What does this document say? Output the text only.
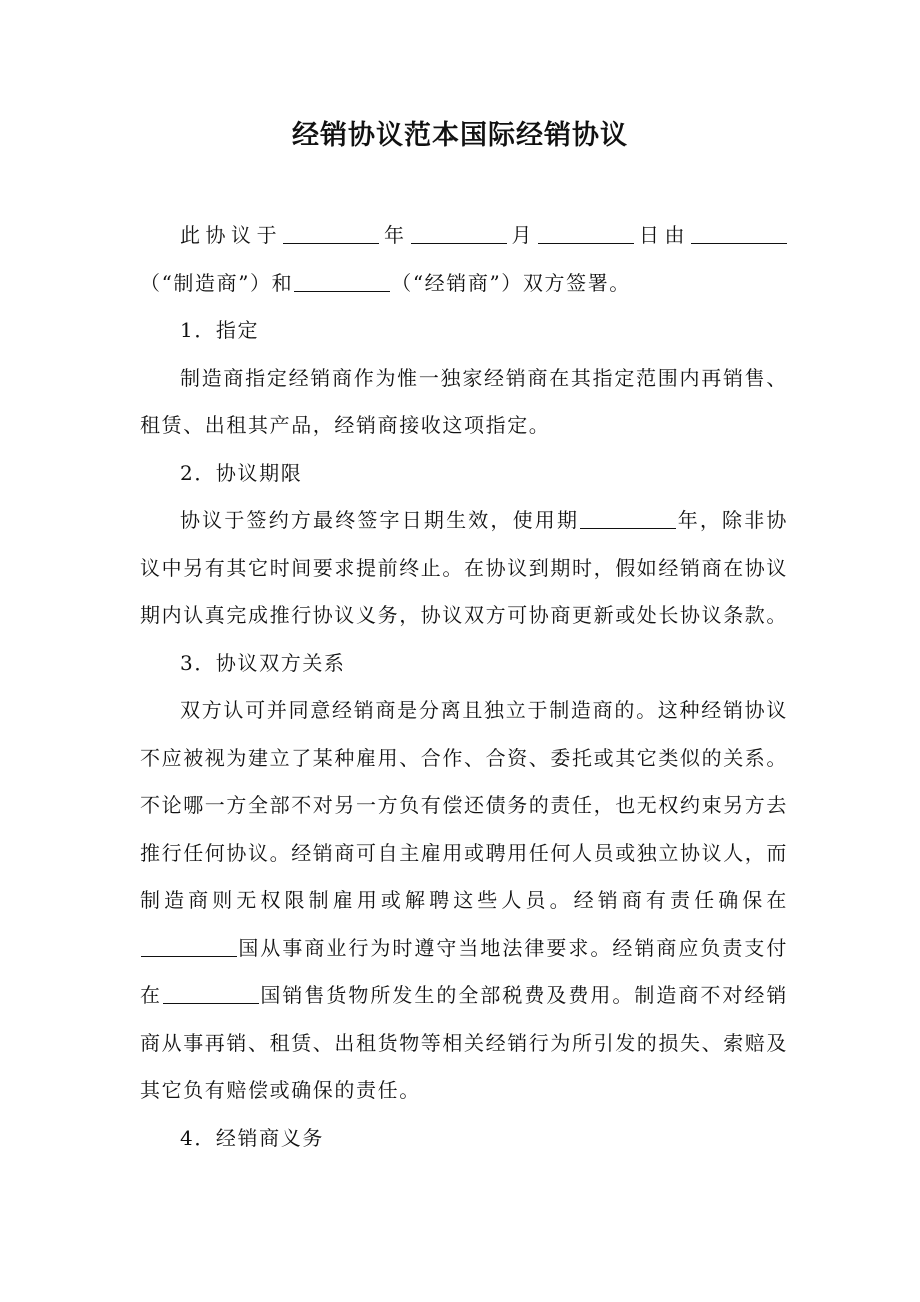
经销协议范本国际经销协议

此协议于	年	月	日由（“制造商”）和	（“经销商”）双方签署。

1．指定

制造商指定经销商作为惟一独家经销商在其指定范围内再销售、租赁、出租其产品，经销商接收这项指定。

2．协议期限

协议于签约方最终签字日期生效，使用期	年，除非协议中另有其它时间要求提前终止。在协议到期时，假如经销商在协议期内认真完成推行协议义务，协议双方可协商更新或处长协议条款。

3．协议双方关系

双方认可并同意经销商是分离且独立于制造商的。这种经销协议不应被视为建立了某种雇用、合作、合资、委托或其它类似的关系。不论哪一方全部不对另一方负有偿还债务的责任，也无权约束另方去推行任何协议。经销商可自主雇用或聘用任何人员或独立协议人，而制造商则无权限制雇用或解聘这些人员。经销商有责任确保在国从事商业行为时遵守当地法律要求。经销商应负责支付在	国销售货物所发生的全部税费及费用。制造商不对经销商从事再销、租赁、出租货物等相关经销行为所引发的损失、索赔及其它负有赔偿或确保的责任。

4．经销商义务
